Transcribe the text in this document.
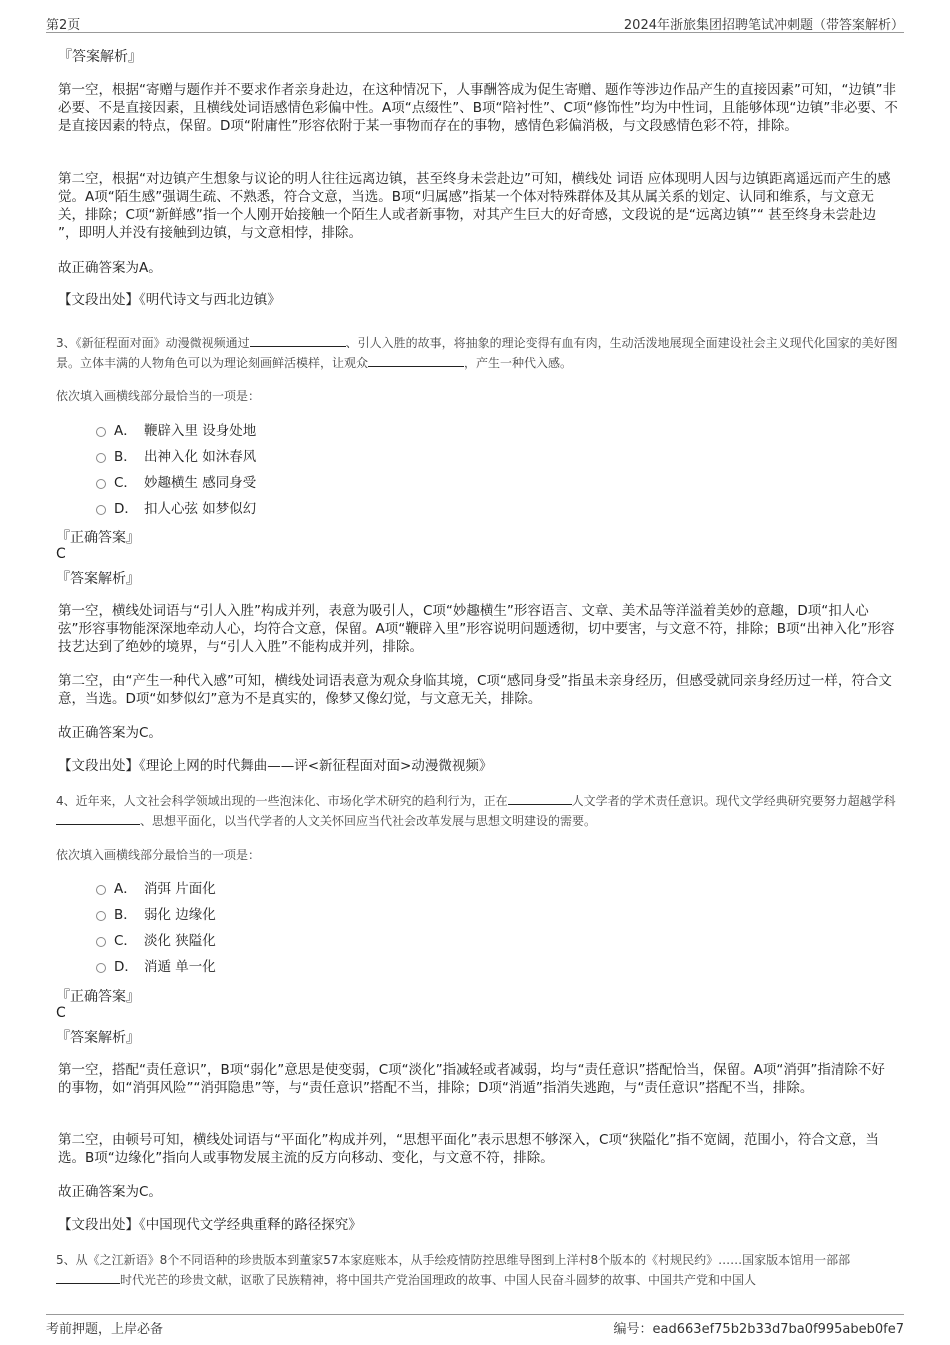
第2页	2024年浙旅集团招聘笔试冲刺题（带答案解析）
『答案解析』
第一空，根据“寄赠与题作并不要求作者亲身赴边，在这种情况下，人事酬答成为促生寄赠、题作等涉边作品产生的直接因素”可知，“边镇”非必要、不是直接因素，且横线处词语感情色彩偏中性。A项“点缀性”、B项“陪衬性”、C项“修饰性”均为中性词，且能够体现“边镇”非必要、不是直接因素的特点，保留。D项“附庸性”形容依附于某一事物而存在的事物，感情色彩偏消极，与文段感情色彩不符，排除。
第二空，根据“对边镇产生想象与议论的明人往往远离边镇，甚至终身未尝赴边”可知，横线处 词语 应体现明人因与边镇距离遥远而产生的感觉。A项“陌生感”强调生疏、不熟悉，符合文意，当选。B项“归属感”指某一个体对特殊群体及其从属关系的划定、认同和维系，与文意无关，排除；C项“新鲜感”指一个人刚开始接触一个陌生人或者新事物，对其产生巨大的好奇感，文段说的是“远离边镇”“ 甚至终身未尝赴边 ”，即明人并没有接触到边镇，与文意相悖，排除。
故正确答案为A。
【文段出处】《明代诗文与西北边镇》
3、《新征程面对面》动漫微视频通过	、引人入胜的故事，将抽象的理论变得有血有肉，生动活泼地展现全面建设社会主义现代化国家的美好图景。立体丰满的人物角色可以为理论刻画鲜活模样，让观众	，产生一种代入感。
依次填入画横线部分最恰当的一项是：
A． 鞭辟入里 设身处地
B． 出神入化 如沐春风
C． 妙趣横生 感同身受
D． 扣人心弦 如梦似幻
『正确答案』
C
『答案解析』
第一空，横线处词语与“引人入胜”构成并列，表意为吸引人，C项“妙趣横生”形容语言、文章、美术品等洋溢着美妙的意趣，D项“扣人心弦”形容事物能深深地牵动人心，均符合文意，保留。A项“鞭辟入里”形容说明问题透彻，切中要害，与文意不符，排除；B项“出神入化”形容技艺达到了绝妙的境界，与“引人入胜”不能构成并列，排除。
第二空，由“产生一种代入感”可知，横线处词语表意为观众身临其境，C项“感同身受”指虽未亲身经历，但感受就同亲身经历过一样，符合文意，当选。D项“如梦似幻”意为不是真实的，像梦又像幻觉，与文意无关，排除。
故正确答案为C。
【文段出处】《理论上网的时代舞曲——评<新征程面对面>动漫微视频》
4、近年来，人文社会科学领域出现的一些泡沫化、市场化学术研究的趋利行为，正在	人文学者的学术责任意识。现代文学经典研究要努力超越学科、思想平面化，以当代学者的人文关怀回应当代社会改革发展与思想文明建设的需要。
依次填入画横线部分最恰当的一项是：
A． 消弭 片面化
B． 弱化 边缘化
C． 淡化 狭隘化
D． 消遁 单一化
『正确答案』
C
『答案解析』
第一空，搭配“责任意识”，B项“弱化”意思是使变弱，C项“淡化”指减轻或者减弱，均与“责任意识”搭配恰当，保留。A项“消弭”指清除不好的事物，如“消弭风险”“消弭隐患”等，与“责任意识”搭配不当，排除；D项“消遁”指消失逃跑，与“责任意识”搭配不当，排除。
第二空，由顿号可知，横线处词语与“平面化”构成并列，“思想平面化”表示思想不够深入，C项“狭隘化”指不宽阔，范围小，符合文意，当选。B项“边缘化”指向人或事物发展主流的反方向移动、变化，与文意不符，排除。
故正确答案为C。
【文段出处】《中国现代文学经典重释的路径探究》
5、从《之江新语》8个不同语种的珍贵版本到董家57本家庭账本，从手绘疫情防控思维导图到上洋村8个版本的《村规民约》……国家版本馆用一部部时代光芒的珍贵文献，讴歌了民族精神，将中国共产党治国理政的故事、中国人民奋斗圆梦的故事、中国共产党和中国人
考前押题，上岸必备	编号：ead663ef75b2b33d7ba0f995abeb0fe7
